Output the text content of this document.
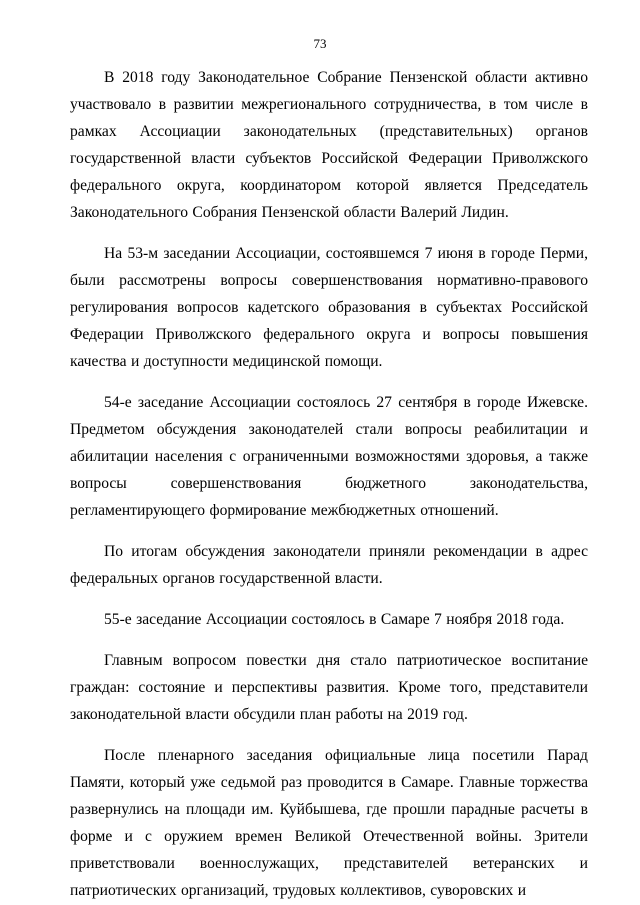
73

В 2018 году Законодательное Собрание Пензенской области активно участвовало в развитии межрегионального сотрудничества, в том числе в рамках Ассоциации законодательных (представительных) органов государственной власти субъектов Российской Федерации Приволжского федерального округа, координатором которой является Председатель Законодательного Собрания Пензенской области Валерий Лидин.

На 53-м заседании Ассоциации, состоявшемся 7 июня в городе Перми, были рассмотрены вопросы совершенствования нормативно-правового регулирования вопросов кадетского образования в субъектах Российской Федерации Приволжского федерального округа и вопросы повышения качества и доступности медицинской помощи.

54-е заседание Ассоциации состоялось 27 сентября в городе Ижевске. Предметом обсуждения законодателей стали вопросы реабилитации и абилитации населения с ограниченными возможностями здоровья, а также вопросы совершенствования бюджетного законодательства, регламентирующего формирование межбюджетных отношений.

По итогам обсуждения законодатели приняли рекомендации в адрес федеральных органов государственной власти.

55-е заседание Ассоциации состоялось в Самаре 7 ноября 2018 года.

Главным вопросом повестки дня стало патриотическое воспитание граждан: состояние и перспективы развития. Кроме того, представители законодательной власти обсудили план работы на 2019 год.

После пленарного заседания официальные лица посетили Парад Памяти, который уже седьмой раз проводится в Самаре. Главные торжества развернулись на площади им. Куйбышева, где прошли парадные расчеты в форме и с оружием времен Великой Отечественной войны. Зрители приветствовали военнослужащих, представителей ветеранских и патриотических организаций, трудовых коллективов, суворовских и
